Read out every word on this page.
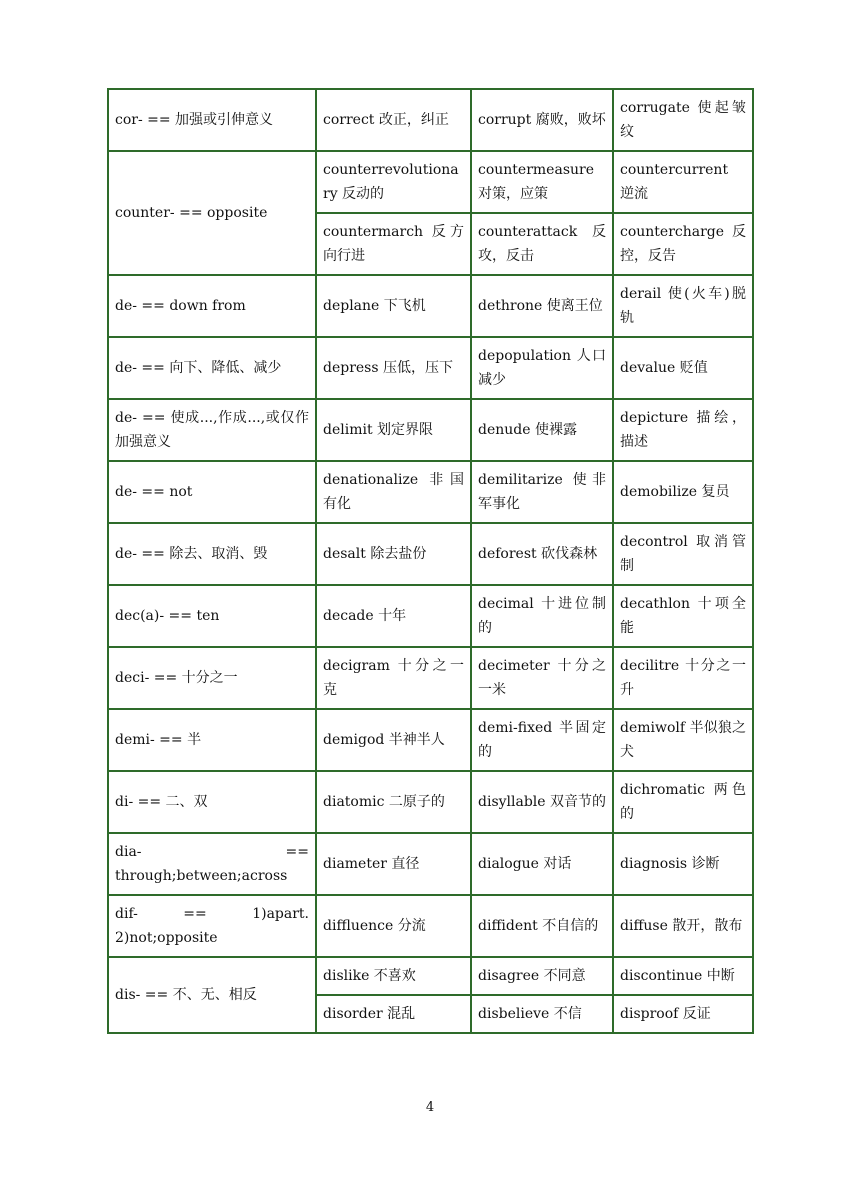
cor- == 加强或引伸意义	correct 改正，纠正	corrupt 腐败，败坏	corrugate 使起皱纹
counter- == opposite	counterrevolutionary 反动的	countermeasure 对策，应策	countercurrent 逆流
	countermarch 反方向行进	counterattack 反攻，反击	countercharge 反控，反告
de- == down from	deplane 下飞机	dethrone 使离王位	derail 使(火车)脱轨
de- == 向下、降低、减少	depress 压低，压下	depopulation 人口减少	devalue 贬值
de- == 使成...,作成...,或仅作加强意义	delimit 划定界限	denude 使裸露	depicture 描绘，描述
de- == not	denationalize 非国有化	demilitarize 使非军事化	demobilize 复员
de- == 除去、取消、毁	desalt 除去盐份	deforest 砍伐森林	decontrol 取消管制
dec(a)- == ten	decade 十年	decimal 十进位制的	decathlon 十项全能
deci- == 十分之一	decigram 十分之一克	decimeter 十分之一米	decilitre 十分之一升
demi- == 半	demigod 半神半人	demi-fixed 半固定的	demiwolf 半似狼之犬
di- == 二、双	diatomic 二原子的	disyllable 双音节的	dichromatic 两色的
dia- == through;between;across	diameter 直径	dialogue 对话	diagnosis 诊断
dif- == 1)apart. 2)not;opposite	diffluence 分流	diffident 不自信的	diffuse 散开，散布
dis- == 不、无、相反	dislike 不喜欢	disagree 不同意	discontinue 中断
	disorder 混乱	disbelieve 不信	disproof 反证
4
